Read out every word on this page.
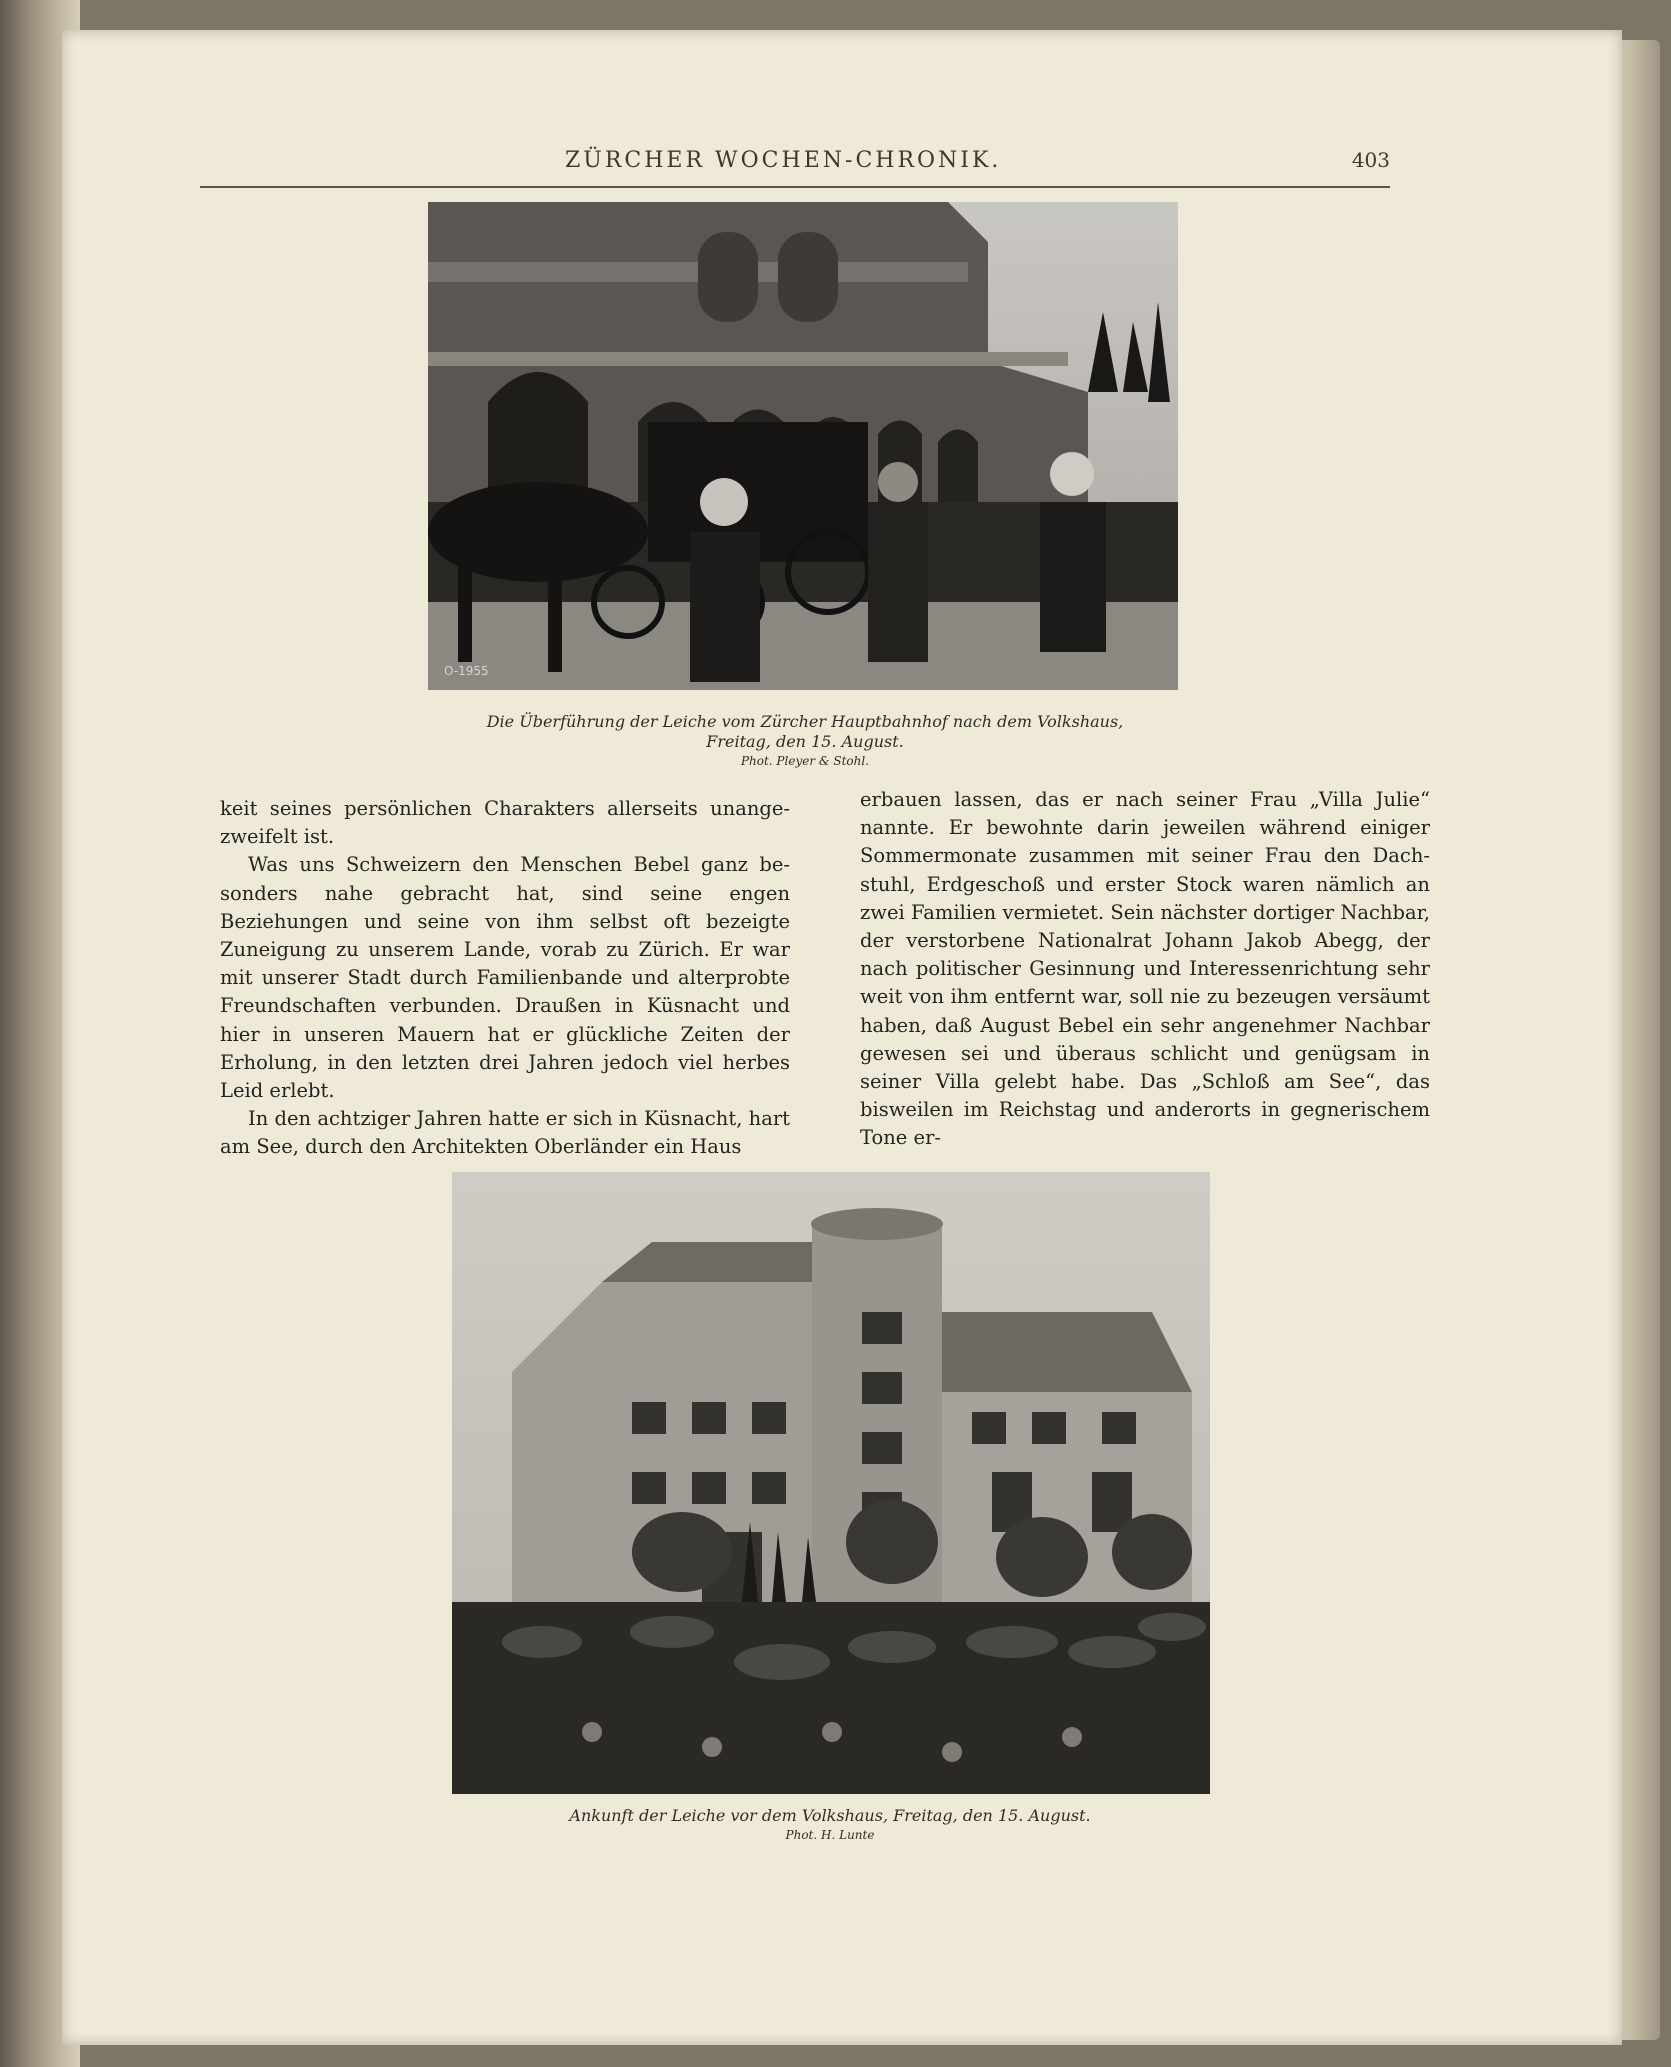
ZÜRCHER WOCHEN-CHRONIK.	403
O-1955
Die Überführung der Leiche vom Zürcher Hauptbahnhof nach dem Volkshaus,
Freitag, den 15. August.
Phot. Pleyer & Stohl.

keit seines persönlichen Charakters allerseits unangezweifelt ist.

Was uns Schweizern den Menschen Bebel ganz besonders nahe gebracht hat, sind seine engen Beziehungen und seine von ihm selbst oft bezeigte Zuneigung zu unserem Lande, vorab zu Zürich. Er war mit unserer Stadt durch Familienbande und alterprobte Freundschaften verbunden. Draußen in Küsnacht und hier in unseren Mauern hat er glückliche Zeiten der Erholung, in den letzten drei Jahren jedoch viel herbes Leid erlebt.

In den achtziger Jahren hatte er sich in Küsnacht, hart am See, durch den Architekten Oberländer ein Haus

erbauen lassen, das er nach seiner Frau „Villa Julie“ nannte. Er bewohnte darin jeweilen während einiger Sommermonate zusammen mit seiner Frau den Dachstuhl, Erdgeschoß und erster Stock waren nämlich an zwei Familien vermietet. Sein nächster dortiger Nachbar, der verstorbene Nationalrat Johann Jakob Abegg, der nach politischer Gesinnung und Interessenrichtung sehr weit von ihm entfernt war, soll nie zu bezeugen versäumt haben, daß August Bebel ein sehr angenehmer Nachbar gewesen sei und überaus schlicht und genügsam in seiner Villa gelebt habe. Das „Schloß am See“, das bisweilen im Reichstag und anderorts in gegnerischem Tone er-

Ankunft der Leiche vor dem Volkshaus, Freitag, den 15. August.
Phot. H. Lunte
